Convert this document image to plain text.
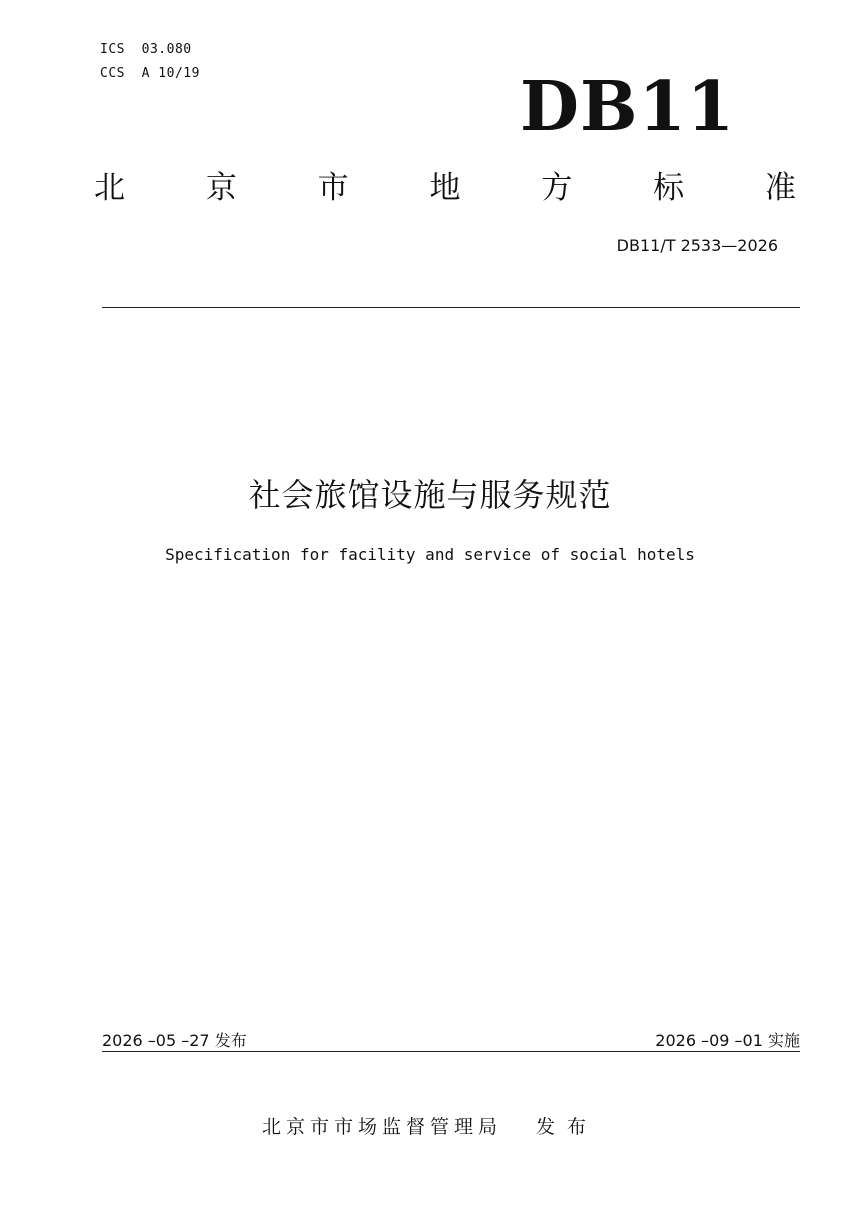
ICS  03.080
CCS  A 10/19	DB11
北	京	市	地	方	标	准
DB11/T 2533—2026
社会旅馆设施与服务规范
Specification for facility and service of social hotels
2026 –05 –27 发布	2026 –09 –01 实施
北京市市场监督管理局 发布
